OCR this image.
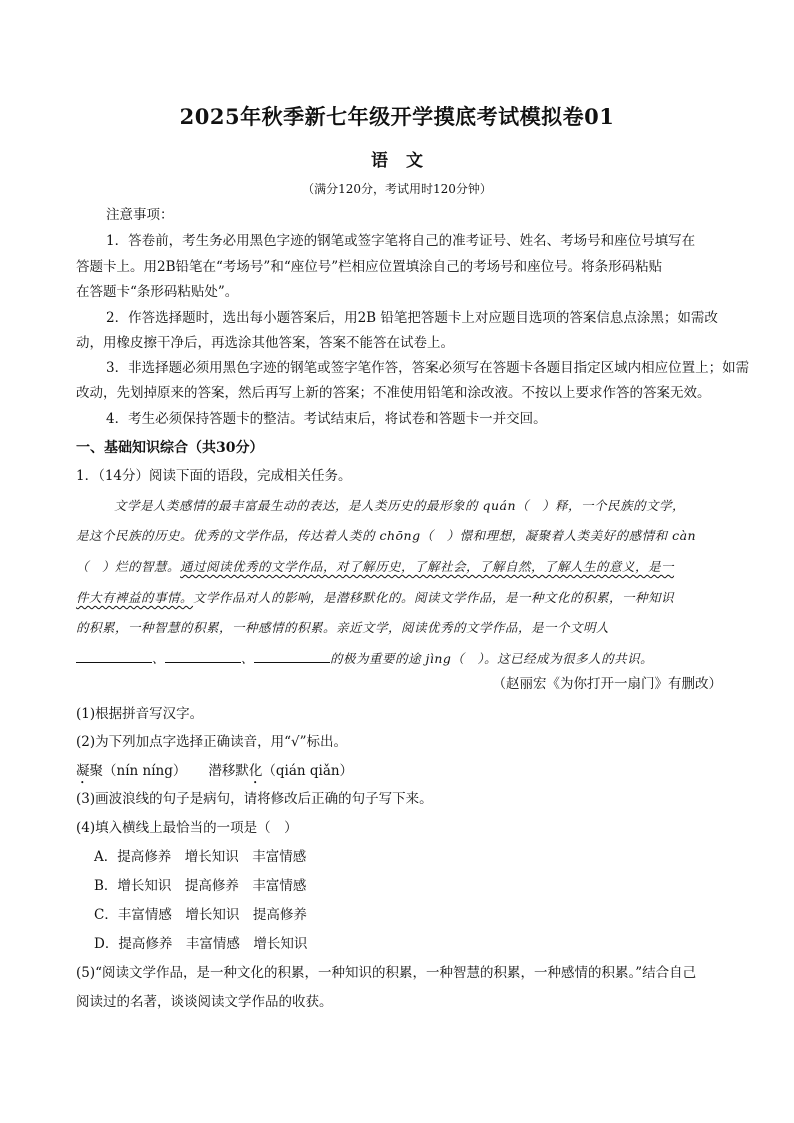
2025年秋季新七年级开学摸底考试模拟卷01
语文
（满分120分，考试用时120分钟）
注意事项：
1．答卷前，考生务必用黑色字迹的钢笔或签字笔将自己的准考证号、姓名、考场号和座位号填写在
答题卡上。用2B铅笔在“考场号”和“座位号”栏相应位置填涂自己的考场号和座位号。将条形码粘贴
在答题卡“条形码粘贴处”。
2．作答选择题时，选出每小题答案后，用2B 铅笔把答题卡上对应题目选项的答案信息点涂黑；如需改
动，用橡皮擦干净后，再选涂其他答案，答案不能答在试卷上。
3．非选择题必须用黑色字迹的钢笔或签字笔作答，答案必须写在答题卡各题目指定区域内相应位置上；如需
改动，先划掉原来的答案，然后再写上新的答案；不准使用铅笔和涂改液。不按以上要求作答的答案无效。
4．考生必须保持答题卡的整洁。考试结束后，将试卷和答题卡一并交回。
一、基础知识综合（共30分）
1．（14分）阅读下面的语段，完成相关任务。
文学是人类感情的最丰富最生动的表达，是人类历史的最形象的 quán（　）释，一个民族的文学，
是这个民族的历史。优秀的文学作品，传达着人类的 chōng（　）憬和理想，凝聚着人类美好的感情和 càn
（　）烂的智慧。通过阅读优秀的文学作品，对了解历史，了解社会，了解自然，了解人生的意义，是一
件大有裨益的事情。文学作品对人的影响，是潜移默化的。阅读文学作品，是一种文化的积累，一种知识
的积累，一种智慧的积累，一种感情的积累。亲近文学，阅读优秀的文学作品，是一个文明人
、	、	的极为重要的途 jìng（　）。这已经成为很多人的共识。
（赵丽宏《为你打开一扇门》有删改）
(1)根据拼音写汉字。
(2)为下列加点字选择正确读音，用“√”标出。
凝聚（nín níng） 潜移默化（qián qiǎn）
(3)画波浪线的句子是病句，请将修改后正确的句子写下来。
(4)填入横线上最恰当的一项是（　）
A．提高修养　增长知识　丰富情感
B．增长知识　提高修养　丰富情感
C．丰富情感　增长知识　提高修养
D．提高修养　丰富情感　增长知识
(5)“阅读文学作品，是一种文化的积累，一种知识的积累，一种智慧的积累，一种感情的积累。”结合自己
阅读过的名著，谈谈阅读文学作品的收获。
